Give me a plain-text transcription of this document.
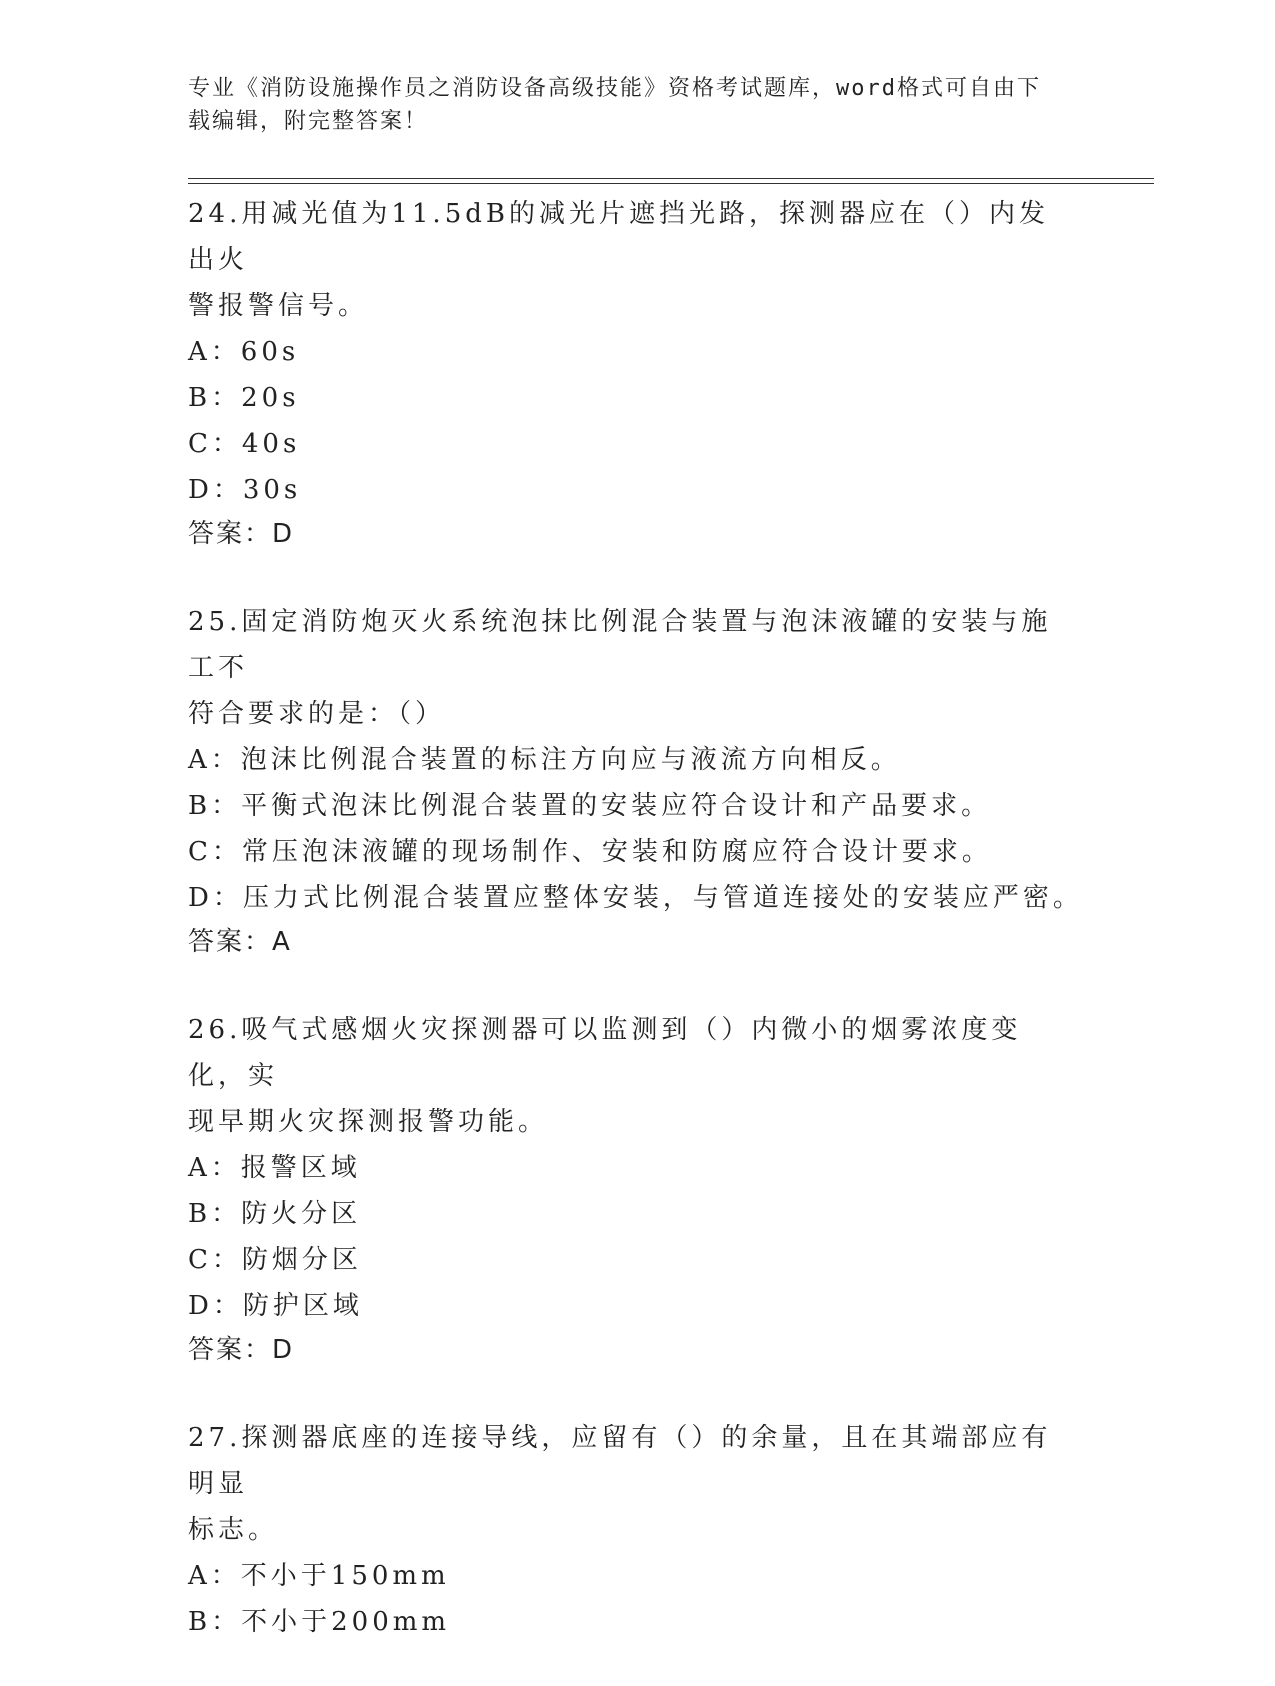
专业《消防设施操作员之消防设备高级技能》资格考试题库，word格式可自由下
载编辑，附完整答案！
24.用减光值为11.5dB的减光片遮挡光路，探测器应在（）内发出火
警报警信号。
A：60s
B：20s
C：40s
D：30s
答案：D
25.固定消防炮灭火系统泡抹比例混合装置与泡沫液罐的安装与施工不
符合要求的是：（）
A：泡沫比例混合装置的标注方向应与液流方向相反。
B：平衡式泡沫比例混合装置的安装应符合设计和产品要求。
C：常压泡沫液罐的现场制作、安装和防腐应符合设计要求。
D：压力式比例混合装置应整体安装，与管道连接处的安装应严密。
答案：A
26.吸气式感烟火灾探测器可以监测到（）内微小的烟雾浓度变化，实
现早期火灾探测报警功能。
A：报警区域
B：防火分区
C：防烟分区
D：防护区域
答案：D
27.探测器底座的连接导线，应留有（）的余量，且在其端部应有明显
标志。
A：不小于150mm
B：不小于200mm
